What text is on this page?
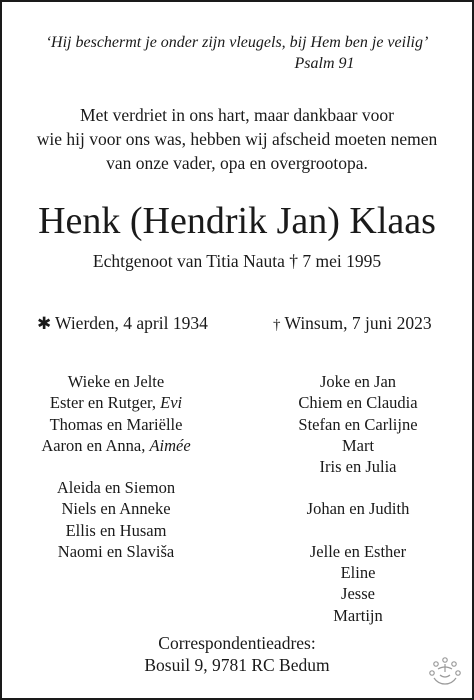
‘Hij beschermt je onder zijn vleugels, bij Hem ben je veilig’
Psalm 91
Met verdriet in ons hart, maar dankbaar voor
wie hij voor ons was, hebben wij afscheid moeten nemen
van onze vader, opa en overgrootopa.
Henk (Hendrik Jan) Klaas
Echtgenoot van Titia Nauta † 7 mei 1995
✱ Wierden, 4 april 1934	† Winsum, 7 juni 2023
Wieke en Jelte
Ester en Rutger, Evi
Thomas en Mariëlle
Aaron en Anna, Aimée
Aleida en Siemon
Niels en Anneke
Ellis en Husam
Naomi en Slaviša
Joke en Jan
Chiem en Claudia
Stefan en Carlijne
Mart
Iris en Julia
Johan en Judith
Jelle en Esther
Eline
Jesse
Martijn
Correspondentieadres:
Bosuil 9, 9781 RC Bedum
